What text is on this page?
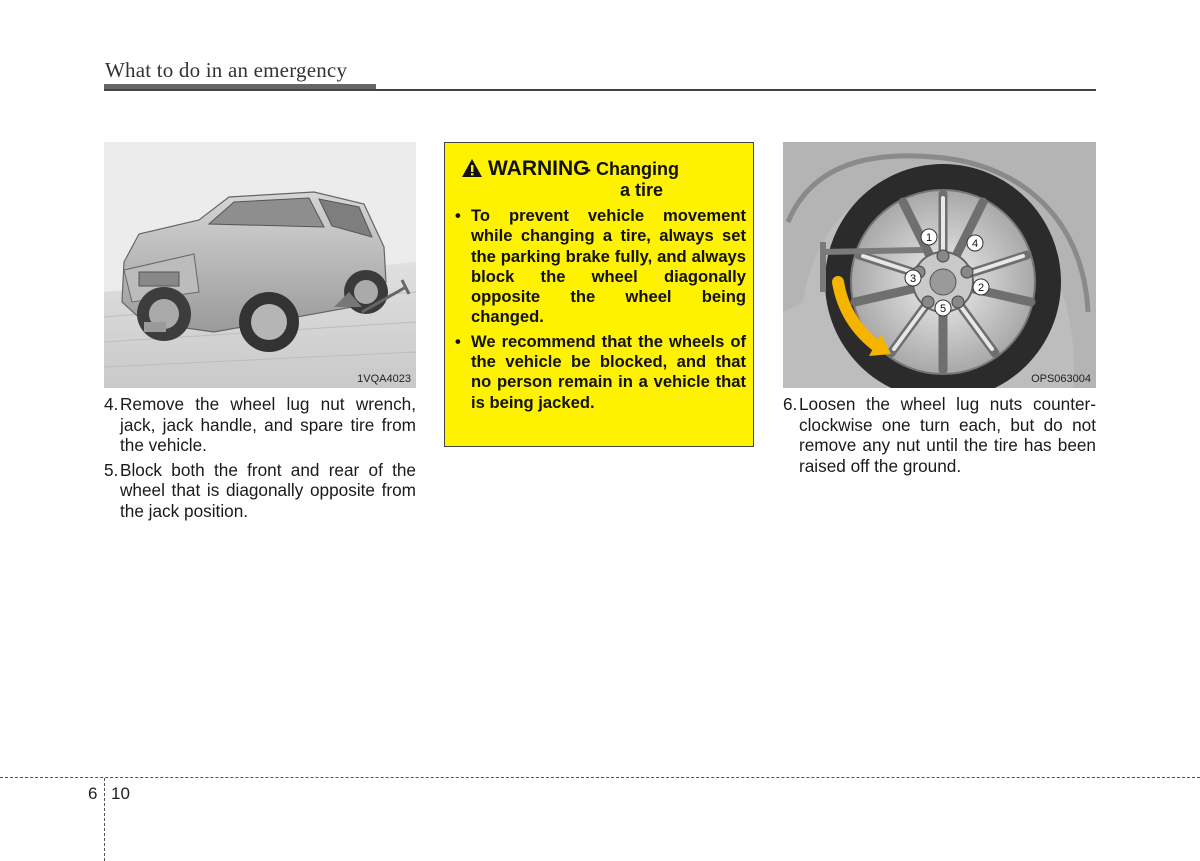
What to do in an emergency
1VQA4023
4. Remove the wheel lug nut wrench, jack, jack handle, and spare tire from the vehicle.
5. Block both the front and rear of the wheel that is diagonally opposite from the jack position.
WARNING
- Changing
a tire
• To prevent vehicle movement while changing a tire, always set the parking brake fully, and always block the wheel diagonally opposite the wheel being changed.
• We recommend that the wheels of the vehicle be blocked, and that no person remain in a vehicle that is being jacked.
1
2
3
4
5
OPS063004
6. Loosen the wheel lug nuts counter-clockwise one turn each, but do not remove any nut until the tire has been raised off the ground.
6 10
